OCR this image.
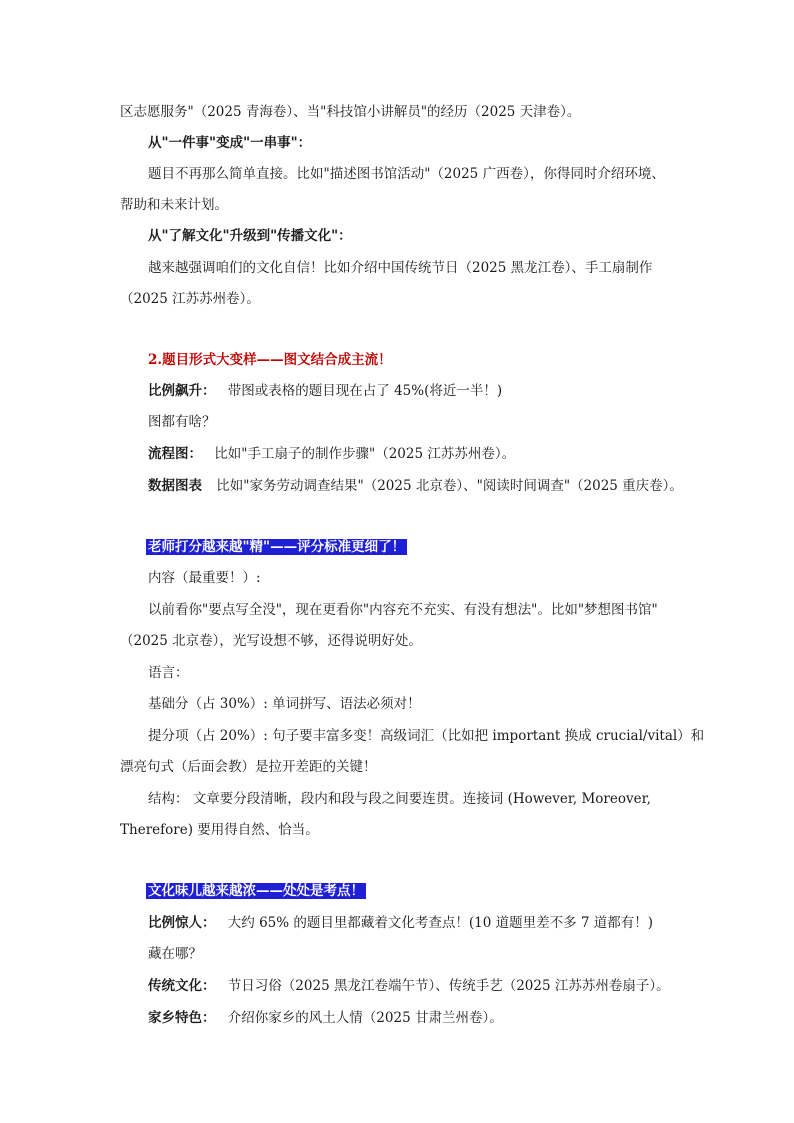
区志愿服务"（2025 青海卷）、当"科技馆小讲解员"的经历（2025 天津卷）。
从"一件事"变成"一串事"：
题目不再那么简单直接。比如"描述图书馆活动"（2025 广西卷），你得同时介绍环境、
帮助和未来计划。
从"了解文化"升级到"传播文化"：
越来越强调咱们的文化自信！比如介绍中国传统节日（2025 黑龙江卷）、手工扇制作
（2025 江苏苏州卷）。
2.题目形式大变样——图文结合成主流！
比例飙升： 带图或表格的题目现在占了 45%(将近一半！)
图都有啥？
流程图： 比如"手工扇子的制作步骤"（2025 江苏苏州卷）。
数据图表 比如"家务劳动调查结果"（2025 北京卷）、"阅读时间调查"（2025 重庆卷）。
老师打分越来越"精"——评分标准更细了！
内容（最重要！）:
以前看你"要点写全没"，现在更看你"内容充不充实、有没有想法"。比如"梦想图书馆"
（2025 北京卷），光写设想不够，还得说明好处。
语言：
基础分（占 30%）: 单词拼写、语法必须对！
提分项（占 20%）: 句子要丰富多变！高级词汇（比如把 important 换成 crucial/vital）和
漂亮句式（后面会教）是拉开差距的关键！
结构： 文章要分段清晰，段内和段与段之间要连贯。连接词 (However, Moreover,
Therefore) 要用得自然、恰当。
文化味儿越来越浓——处处是考点！
比例惊人： 大约 65% 的题目里都藏着文化考查点！(10 道题里差不多 7 道都有！)
藏在哪？
传统文化： 节日习俗（2025 黑龙江卷端午节）、传统手艺（2025 江苏苏州卷扇子）。
家乡特色： 介绍你家乡的风土人情（2025 甘肃兰州卷）。
